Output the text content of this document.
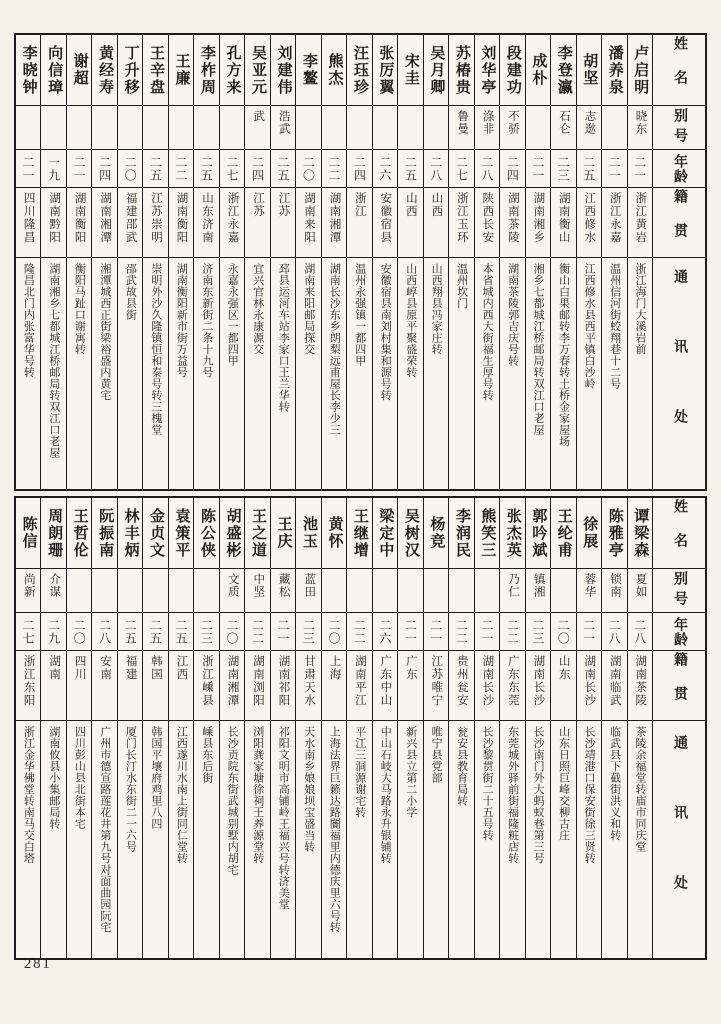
姓名
别号
年龄
籍贯
通讯处
卢启明
晓东
二一
浙江黄岩
浙江海门大溪岩前
潘养泉
二一
浙江永嘉
温州信河街蛟翔巷十二号
胡坚
志逖
二五
江西修水
江西修水县西平镇白沙岭
李登瀛
石仑
二三
湖南衡山
衡山白果邮转李万春转土桥金家屋场
成朴
二一
湖南湘乡
湘乡七都城江桥邮局转双江口老屋
段建功
不骄
二四
湖南茶陵
湖南茶陵郭吉庆号转
刘华亭
涤非
二八
陕西长安
本省城内西大街福生厚号转
苏椿贵
鲁曼
二七
浙江玉环
温州坎门
吴月卿
二八
山西
山西翔县冯家庄转
宋圭
二五
山西
山西崞县原平聚盛荣转
张厉翼
二六
安徽宿县
安徽宿县南刘村集和源号转
汪珏珍
二四
浙江
温州永强镇一都四甲
熊杰
二二
湖南湘潭
湖南长沙东乡朗梨远甫屋长李少三
李鳌
二〇
湖南来阳
湖南来阳邮局探交
刘建伟
浩武
二五
江苏
邳县运河车站李家口王兰华转
吴亚元
武
二四
江苏
宜兴官林永康源交
孔方来
二七
浙江永嘉
永嘉永强区一都四甲
李柞周
二五
山东济南
济南东新街二条十九号
王廉
二二
湖南衡阳
湖南衡阳新市街万益号
王辛盘
二五
江苏崇明
崇明外沙久隆镇恒和泰号转三槐堂
丁升移
二〇
福建邵武
邵武故县街
黄经寿
二四
湖南湘潭
湘潭城西正街梁裕盛内黄宅
谢超
二一
湖南衡阳
衡阳马趾口谢寓转
向信璋
一九
湖南黔阳
湖南湘乡七都城江桥邮局转双江口老屋
李晓钟
二一
四川隆昌
隆昌北门内张富华号转
姓名
别号
年龄
籍贯
通讯处
谭梁森
夏如
二八
湖南茶陵
茶陵余福堂转庙市同庆堂
陈雅亭
锁南
二八
湖南临武
临武县下截街洪义和转
徐展
蓉华
二一
湖南长沙
长沙靖港口保安街徐三贤转
王纶甫
二〇
山东
山东日照巨峰交柳古庄
郭吟斌
镇湘
二三
湖南长沙
长沙南门外大蚂蚁巷第三号
张杰英
乃仁
二二
广东东莞
东莞城外驿前街福隆粧店转
熊笑三
二一
湖南长沙
长沙黎贯街二十五号转
李润民
二二
贵州瓮安
瓮安县教育局转
杨竞
二一
江苏唯宁
唯宁县党部
吴树汉
二一
广东
新兴县立第二小学
梁定中
二六
广东中山
中山石岐大马路永升银铺转
王继增
二二
湖南平江
平江三洞源谢宅转
黄怀
二〇
上海
上海法界巨籁达路闠福里内德庆里六号转
池玉
蓝田
二三
甘肃天水
天水南乡娘娘坝宝盛当转
王庆
藏松
二一
湖南祁阳
祁阳文明市高铺岭王福兴号转济美堂
王之道
中坚
二二
湖南浏阳
浏阳龚家塘徐祠王养源堂转
胡盛彬
文质
二〇
湖南湘潭
长沙贡院东街武城别墅内胡宅
陈公侠
二三
浙江嵊县
嵊县东后街
袁策平
二五
江西
江西遂川水南上街同仁堂转
金贞文
二五
韩国
韩国平壤府鸡里八四
林丰炳
二五
福建
厦门长汀水东街二一六号
阮振南
二八
安南
广州市德宣路莲花井第九号对面曲园阮宅
王哲伦
二〇
四川
四川彭山县北街本宅
周朗珊
介谋
二九
湖南
湖南攸县小集邮局转
陈信
尚新
二七
浙江东阳
浙江金华佛堂转南马交白塔
281
